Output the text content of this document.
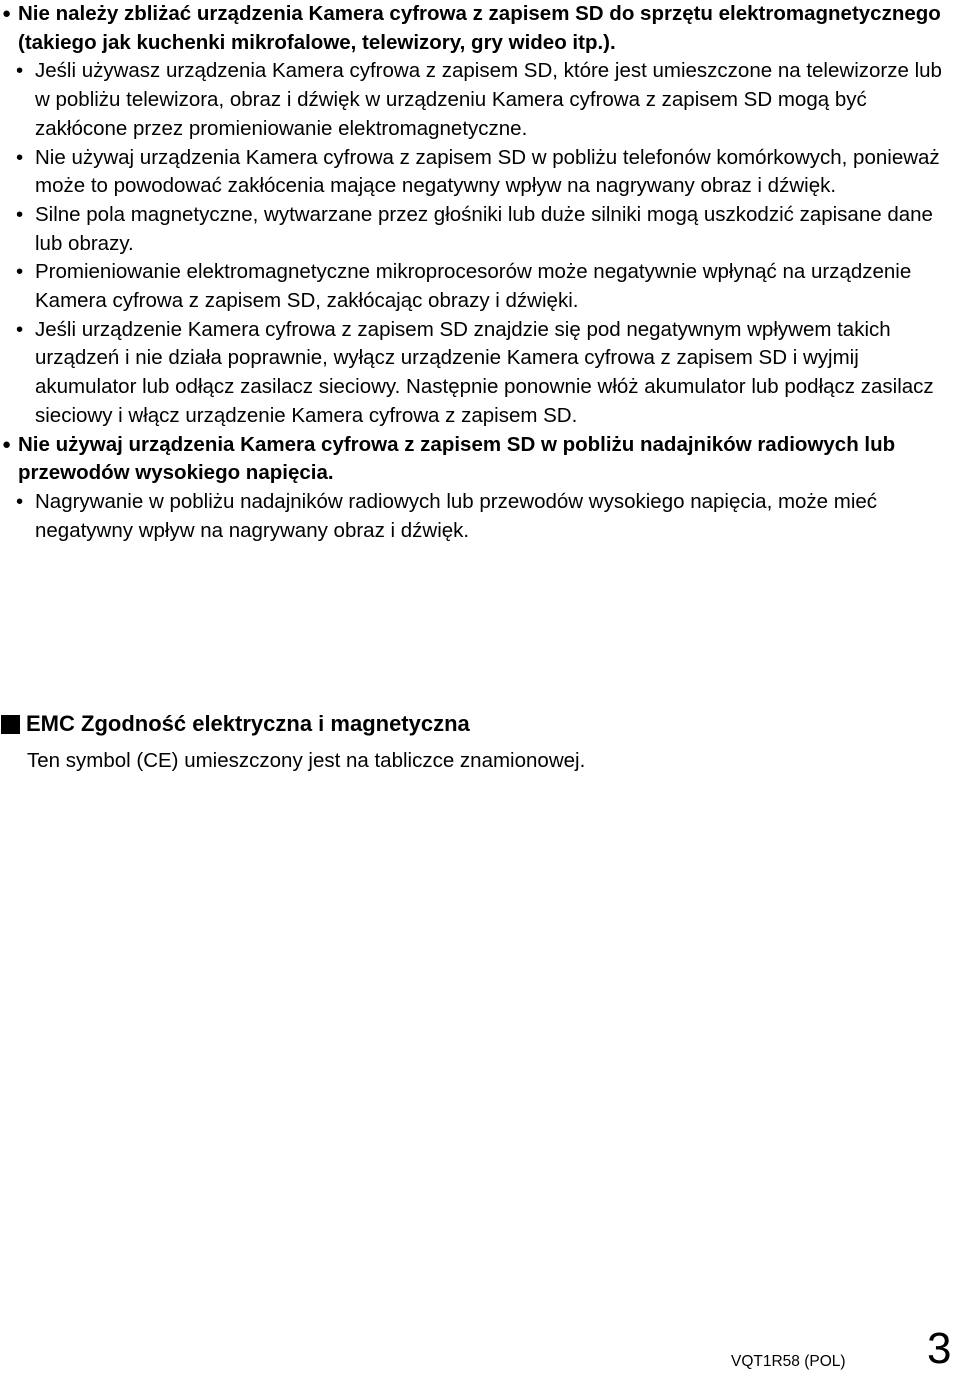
● Nie należy zbliżać urządzenia Kamera cyfrowa z zapisem SD do sprzętu elektromagnetycznego (takiego jak kuchenki mikrofalowe, telewizory, gry wideo itp.).
• Jeśli używasz urządzenia Kamera cyfrowa z zapisem SD, które jest umieszczone na telewizorze lub w pobliżu telewizora, obraz i dźwięk w urządzeniu Kamera cyfrowa z zapisem SD mogą być zakłócone przez promieniowanie elektromagnetyczne.
• Nie używaj urządzenia Kamera cyfrowa z zapisem SD w pobliżu telefonów komórkowych, ponieważ może to powodować zakłócenia mające negatywny wpływ na nagrywany obraz i dźwięk.
• Silne pola magnetyczne, wytwarzane przez głośniki lub duże silniki mogą uszkodzić zapisane dane lub obrazy.
• Promieniowanie elektromagnetyczne mikroprocesorów może negatywnie wpłynąć na urządzenie Kamera cyfrowa z zapisem SD, zakłócając obrazy i dźwięki.
• Jeśli urządzenie Kamera cyfrowa z zapisem SD znajdzie się pod negatywnym wpływem takich urządzeń i nie działa poprawnie, wyłącz urządzenie Kamera cyfrowa z zapisem SD i wyjmij akumulator lub odłącz zasilacz sieciowy. Następnie ponownie włóż akumulator lub podłącz zasilacz sieciowy i włącz urządzenie Kamera cyfrowa z zapisem SD.
● Nie używaj urządzenia Kamera cyfrowa z zapisem SD w pobliżu nadajników radiowych lub przewodów wysokiego napięcia.
• Nagrywanie w pobliżu nadajników radiowych lub przewodów wysokiego napięcia, może mieć negatywny wpływ na nagrywany obraz i dźwięk.
EMC Zgodność elektryczna i magnetyczna
Ten symbol (CE) umieszczony jest na tabliczce znamionowej.
VQT1R58 (POL) 3
